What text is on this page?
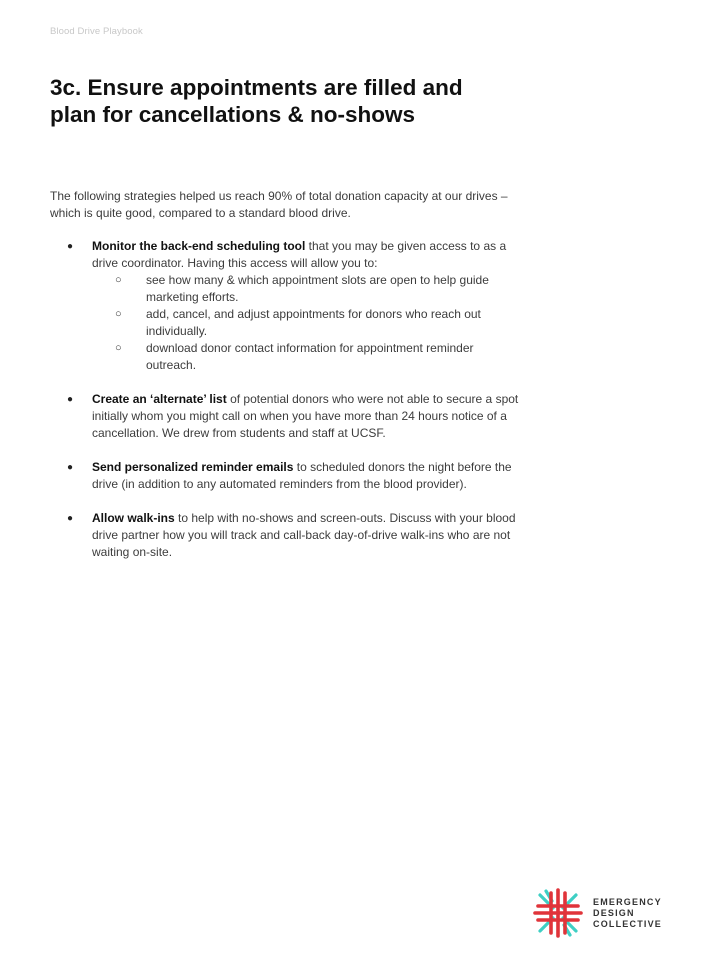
Blood Drive Playbook
3c. Ensure appointments are filled and plan for cancellations & no-shows

The following strategies helped us reach 90% of total donation capacity at our drives – which is quite good, compared to a standard blood drive.

● Monitor the back-end scheduling tool that you may be given access to as a drive coordinator. Having this access will allow you to:
○ see how many & which appointment slots are open to help guide marketing efforts.
○ add, cancel, and adjust appointments for donors who reach out individually.
○ download donor contact information for appointment reminder outreach.
● Create an ‘alternate’ list of potential donors who were not able to secure a spot initially whom you might call on when you have more than 24 hours notice of a cancellation. We drew from students and staff at UCSF.
● Send personalized reminder emails to scheduled donors the night before the drive (in addition to any automated reminders from the blood provider).
● Allow walk-ins to help with no-shows and screen-outs. Discuss with your blood drive partner how you will track and call-back day-of-drive walk-ins who are not waiting on-site.
EMERGENCY
DESIGN
COLLECTIVE
